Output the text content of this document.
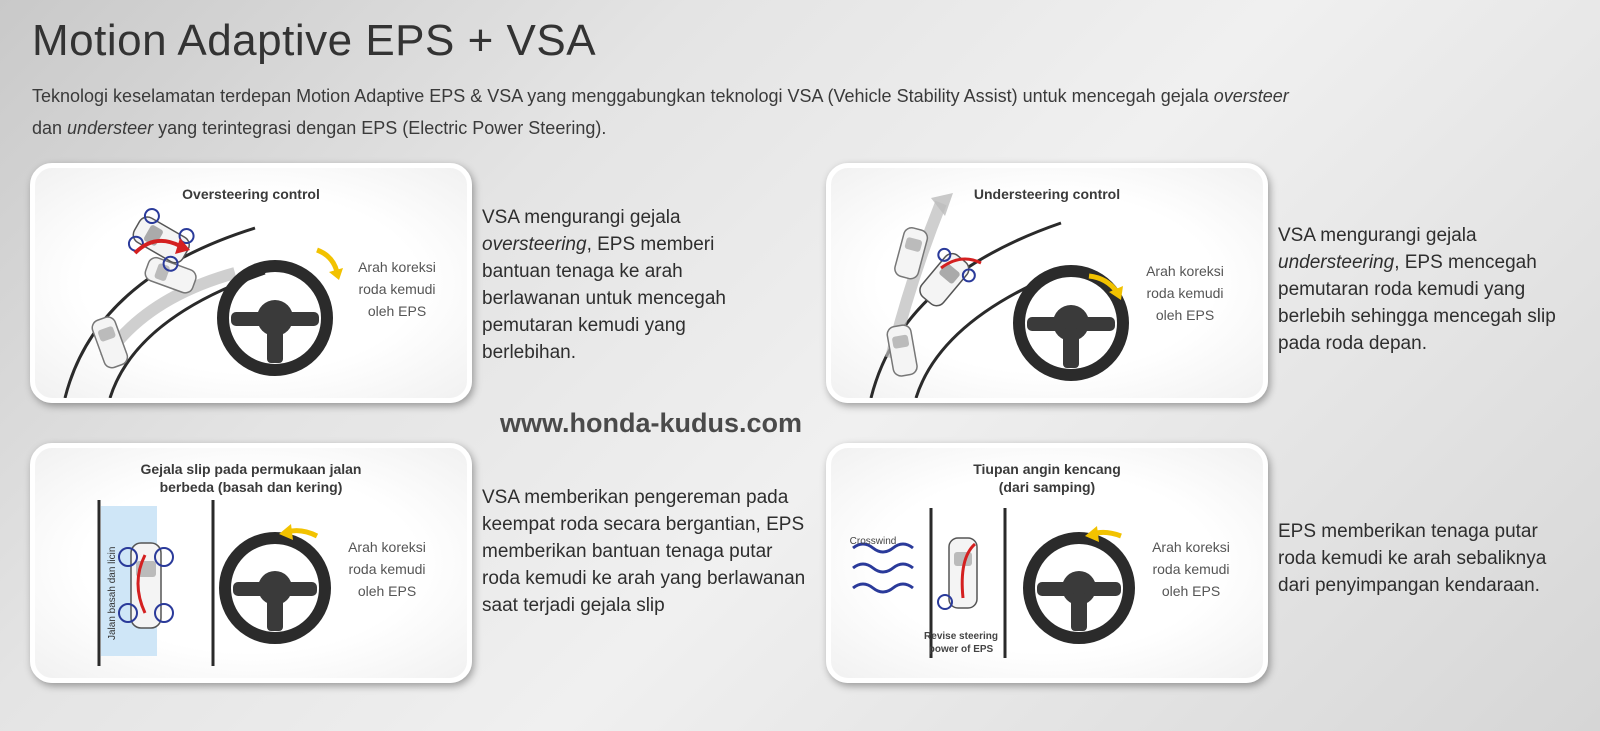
Motion Adaptive EPS + VSA
Teknologi keselamatan terdepan Motion Adaptive EPS & VSA yang menggabungkan teknologi VSA (Vehicle Stability Assist) untuk mencegah gejala oversteer
dan understeer yang terintegrasi dengan EPS (Electric Power Steering).
Oversteering control
Arah koreksi
roda kemudi
oleh EPS
VSA mengurangi gejala oversteering, EPS memberi bantuan tenaga ke arah berlawanan untuk mencegah pemutaran kemudi yang berlebihan.
Understeering control
Arah koreksi
roda kemudi
oleh EPS
VSA mengurangi gejala understeering, EPS mencegah pemutaran roda kemudi yang berlebih sehingga mencegah slip pada roda depan.
www.honda-kudus.com
Gejala slip pada permukaan jalan
berbeda (basah dan kering)
Jalan basah dan licin	Arah koreksi
roda kemudi
oleh EPS
VSA memberikan pengereman pada keempat roda secara bergantian, EPS memberikan bantuan tenaga putar roda kemudi ke arah yang berlawanan saat terjadi gejala slip
Tiupan angin kencang
(dari samping)
Crosswind
Revise steering
power of EPS
Arah koreksi
roda kemudi
oleh EPS
EPS memberikan tenaga putar roda kemudi ke arah sebaliknya dari penyimpangan kendaraan.
